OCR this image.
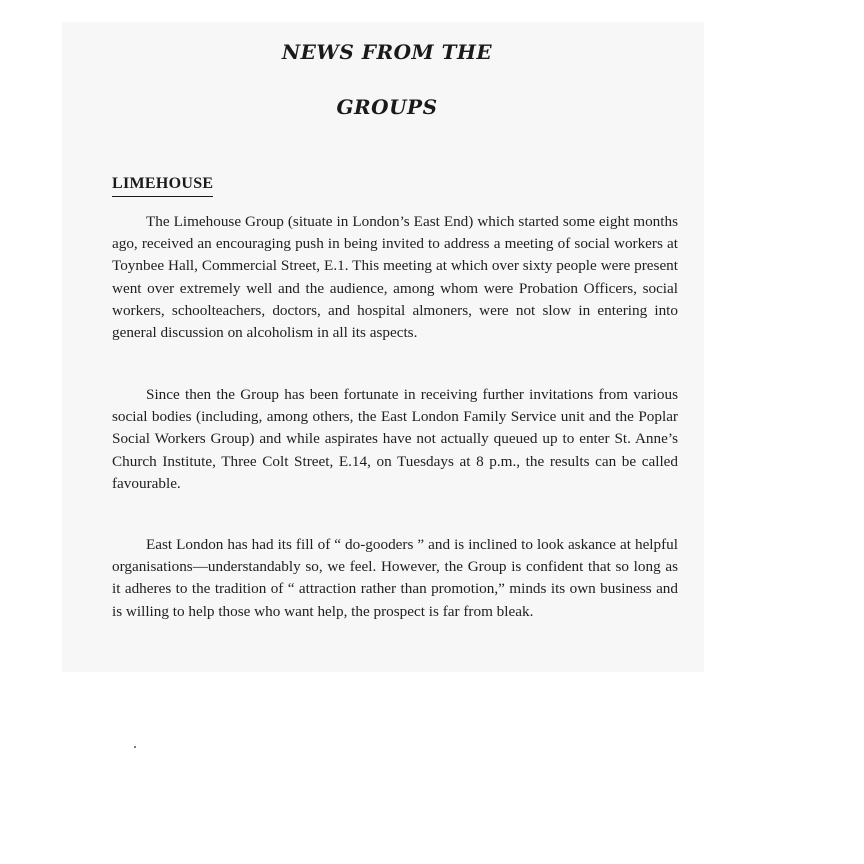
NEWS FROM THE
GROUPS
LIMEHOUSE

The Limehouse Group (situate in London’s East End) which started some eight months ago, received an encouraging push in being invited to address a meeting of social workers at Toynbee Hall, Commercial Street, E.1. This meeting at which over sixty people were present went over extremely well and the audience, among whom were Probation Officers, social workers, schoolteachers, doctors, and hospital almoners, were not slow in entering into general discussion on alcoholism in all its aspects.

Since then the Group has been fortunate in receiving further invitations from various social bodies (including, among others, the East London Family Service unit and the Poplar Social Workers Group) and while aspirates have not actually queued up to enter St. Anne’s Church Institute, Three Colt Street, E.14, on Tuesdays at 8 p.m., the results can be called favourable.

East London has had its fill of “ do-gooders ” and is inclined to look askance at helpful organisations—understandably so, we feel. However, the Group is confident that so long as it adheres to the tradition of “ attraction rather than promotion,” minds its own business and is willing to help those who want help, the prospect is far from bleak.
